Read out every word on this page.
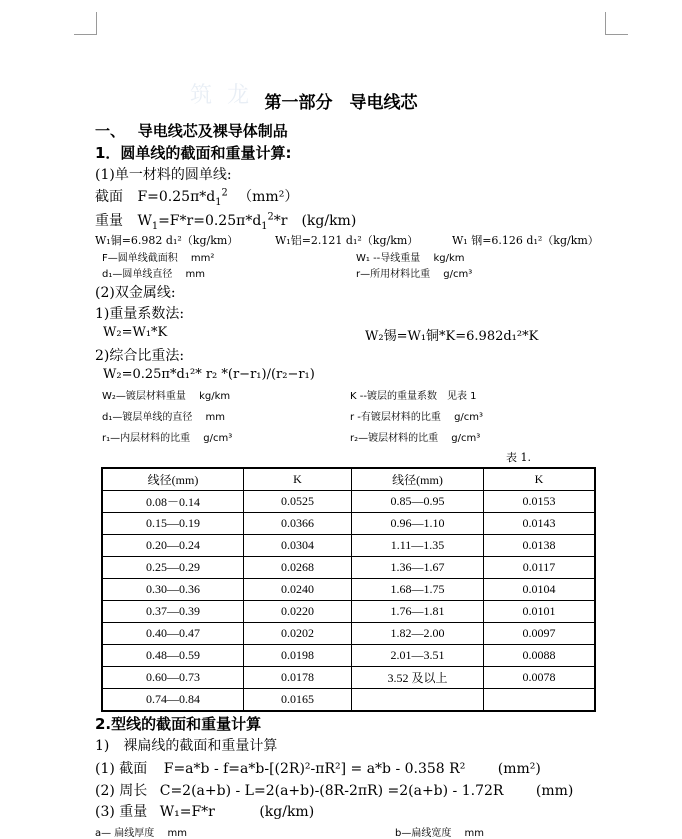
筑 龙 第一部分　导电线芯
一、　 导电线芯及裸导体制品
1．圆单线的截面和重量计算:
(1)单一材料的圆单线:
截面 $F=0.25\pi*d_1^2$ （mm²）
重量 $W_1=F*r=0.25\pi*d_1^2*r$　(kg/km)
W₁铜=6.982 d₁²（kg/km）	W₁铝=2.121 d₁²（kg/km）	W₁ 钢=6.126 d₁²（kg/km）
F—圆单线截面积　 mm²	W₁ --导线重量　 kg/km
d₁—圆单线直径　 mm	r—所用材料比重　 g/cm³
(2)双金属线:
1)重量系数法:
W₂=W₁*K	W₂锡=W₁铜*K=6.982d₁²*K
2)综合比重法:
W₂=0.25π*d₁²* r₂ *(r−r₁)/(r₂−r₁)
W₂—镀层材料重量　 kg/km	K --镀层的重量系数　见表 1
d₁—镀层单线的直径　 mm	r -有镀层材料的比重　 g/cm³
r₁—内层材料的比重　 g/cm³	r₂—镀层材料的比重　 g/cm³
表 1.
线径(mm)	K	线径(mm)	K
0.08－0.14	0.0525	0.85—0.95	0.0153
0.15—0.19	0.0366	0.96—1.10	0.0143
0.20—0.24	0.0304	1.11—1.35	0.0138
0.25—0.29	0.0268	1.36—1.67	0.0117
0.30—0.36	0.0240	1.68—1.75	0.0104
0.37—0.39	0.0220	1.76—1.81	0.0101
0.40—0.47	0.0202	1.82—2.00	0.0097
0.48—0.59	0.0198	2.01—3.51	0.0088
0.60—0.73	0.0178	3.52 及以上	0.0078
0.74—0.84	0.0165		
2.型线的截面和重量计算
1)　裸扁线的截面和重量计算
(1) 截面 F=a*b - f=a*b-[(2R)²-πR²] = a*b - 0.358 R² (mm²)
(2) 周长 C=2(a+b) - L=2(a+b)-(8R-2πR) =2(a+b) - 1.72R (mm)
(3) 重量 W₁=F*r	(kg/km)
a— 扁线厚度　 mm	b—扁线宽度　 mm
